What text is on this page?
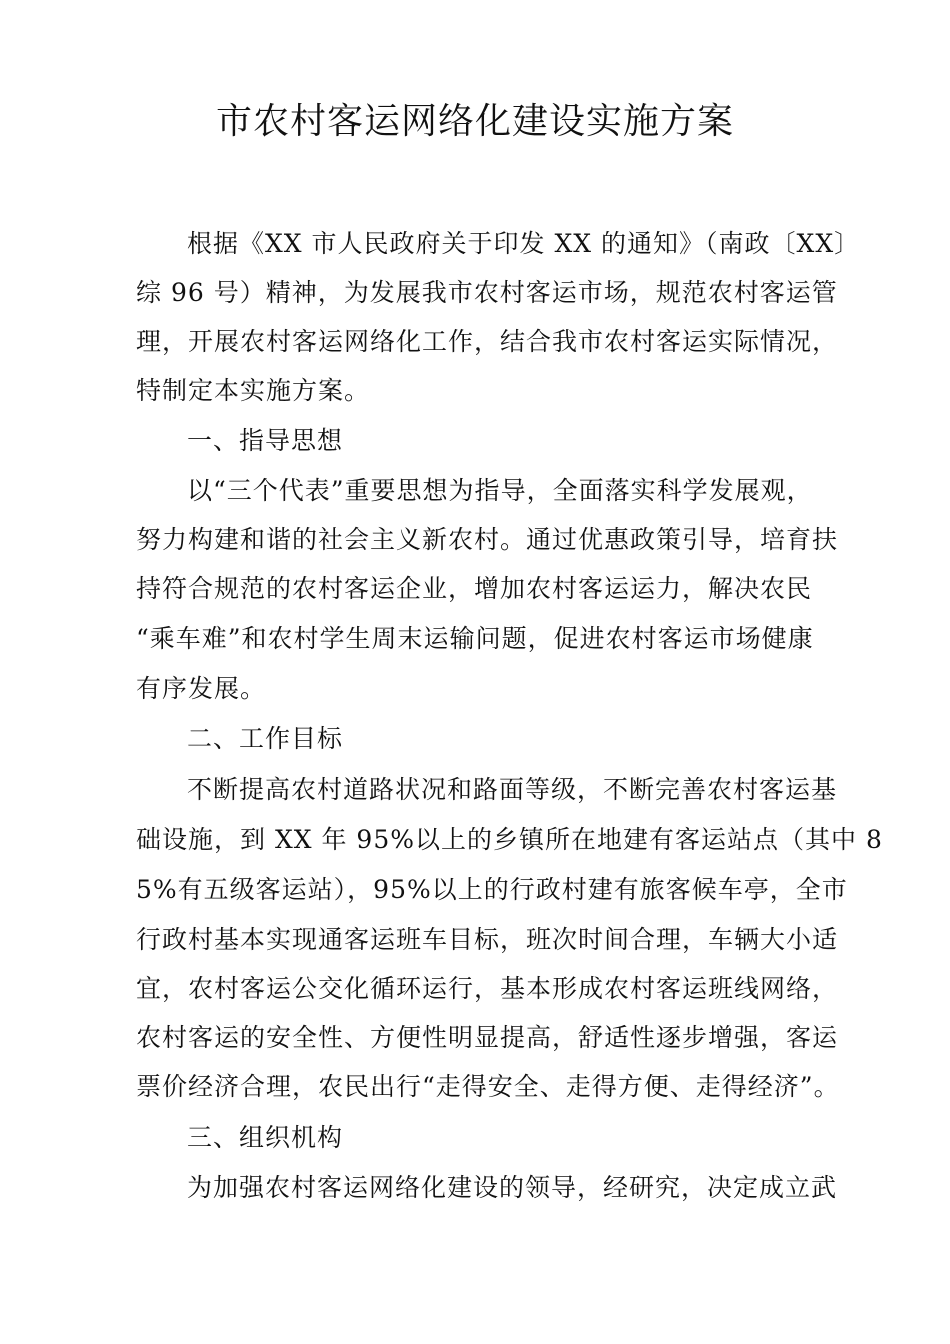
市农村客运网络化建设实施方案

根据《XX 市人民政府关于印发 XX 的通知》（南政〔XX〕

综 96 号）精神，为发展我市农村客运市场，规范农村客运管

理，开展农村客运网络化工作，结合我市农村客运实际情况，

特制定本实施方案。

一、指导思想

以“三个代表”重要思想为指导，全面落实科学发展观，

努力构建和谐的社会主义新农村。通过优惠政策引导，培育扶

持符合规范的农村客运企业，增加农村客运运力，解决农民

“乘车难”和农村学生周末运输问题，促进农村客运市场健康

有序发展。

二、工作目标

不断提高农村道路状况和路面等级，不断完善农村客运基

础设施，到 XX 年 95%以上的乡镇所在地建有客运站点（其中 8

5%有五级客运站），95%以上的行政村建有旅客候车亭，全市

行政村基本实现通客运班车目标，班次时间合理，车辆大小适

宜，农村客运公交化循环运行，基本形成农村客运班线网络，

农村客运的安全性、方便性明显提高，舒适性逐步增强，客运

票价经济合理，农民出行“走得安全、走得方便、走得经济”。

三、组织机构

为加强农村客运网络化建设的领导，经研究，决定成立武
